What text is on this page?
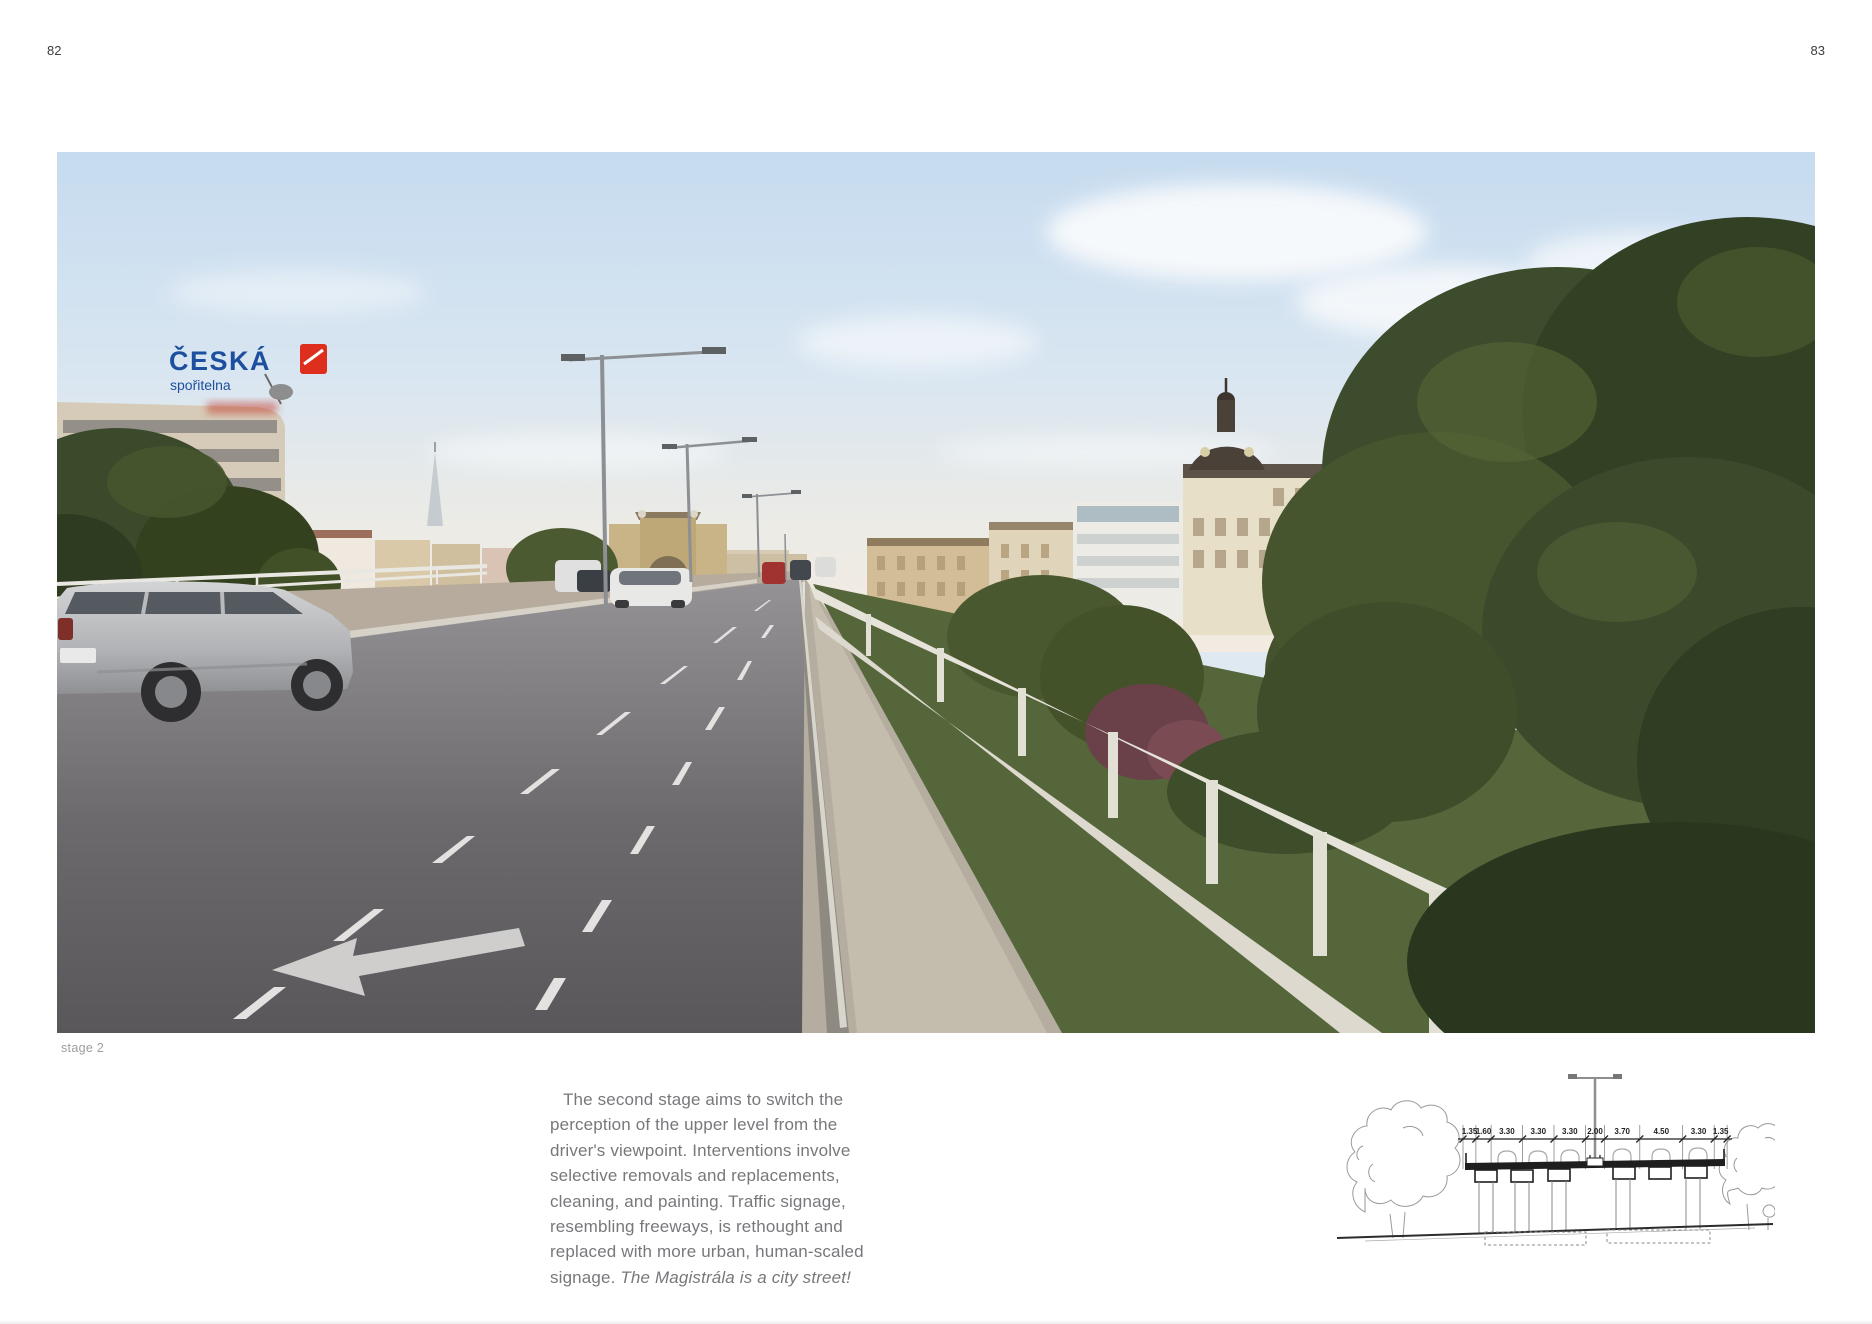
82	83
ČESKÁ
spořitelna
stage 2
The second stage aims to switch the
perception of the upper level from the
driver's viewpoint. Interventions involve
selective removals and replacements,
cleaning, and painting. Traffic signage,
resembling freeways, is rethought and
replaced with more urban, human-scaled
signage. The Magistrála is a city street!
1.35
1.60 3.30 3.30 3.30 2.00 3.70	4.50	3.30 1.35
